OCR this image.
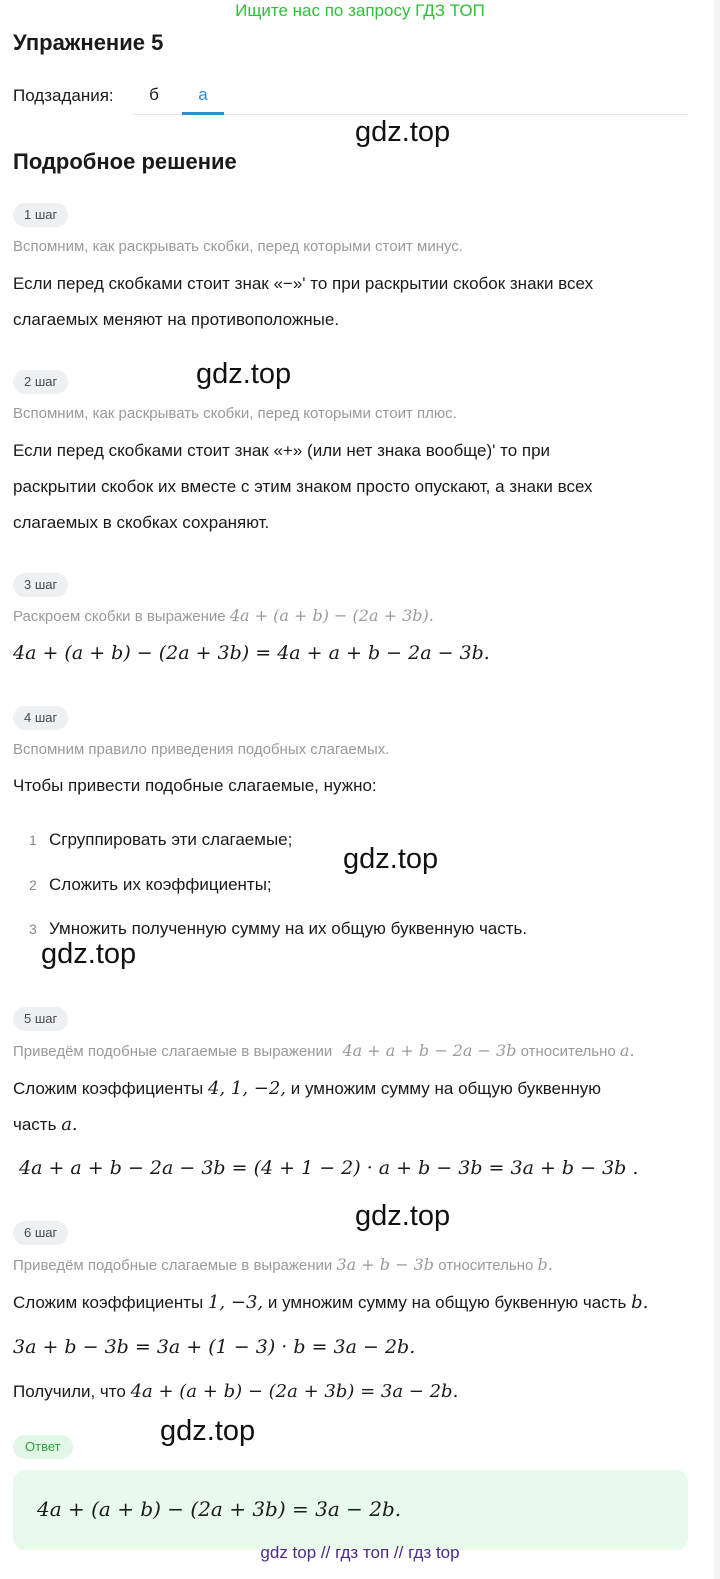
Ищите нас по запросу ГДЗ ТОП
Упражнение 5
Подзадания:	б	а
gdz.top
Подробное решение
1 шаг
Вспомним, как раскрывать скобки, перед которыми стоит минус.
Если перед скобками стоит знак «−»' то при раскрытии скобок знаки всех
слагаемых меняют на противоположные.
2 шаг	gdz.top
Вспомним, как раскрывать скобки, перед которыми стоит плюс.
Если перед скобками стоит знак «+» (или нет знака вообще)' то при
раскрытии скобок их вместе с этим знаком просто опускают, а знаки всех
слагаемых в скобках сохраняют.
3 шаг
Раскроем скобки в выражение 4a + (a + b) − (2a + 3b).
4a + (a + b) − (2a + 3b) = 4a + a + b − 2a − 3b.
4 шаг
Вспомним правило приведения подобных слагаемых.
Чтобы привести подобные слагаемые, нужно:
1 Сгруппировать эти слагаемые;
gdz.top
2 Сложить их коэффициенты;
3 Умножить полученную сумму на их общую буквенную часть.
gdz.top
5 шаг
Приведём подобные слагаемые в выражении 4a + a + b − 2a − 3b относительно a.
Сложим коэффициенты 4, 1, −2, и умножим сумму на общую буквенную
часть a.
4a + a + b − 2a − 3b = (4 + 1 − 2) · a + b − 3b = 3a + b − 3b .
gdz.top
6 шаг
Приведём подобные слагаемые в выражении 3a + b − 3b относительно b.
Сложим коэффициенты 1, −3, и умножим сумму на общую буквенную часть b.
3a + b − 3b = 3a + (1 − 3) · b = 3a − 2b.
Получили, что 4a + (a + b) − (2a + 3b) = 3a − 2b.
gdz.top
Ответ
4a + (a + b) − (2a + 3b) = 3a − 2b.
gdz top // гдз топ // гдз top
